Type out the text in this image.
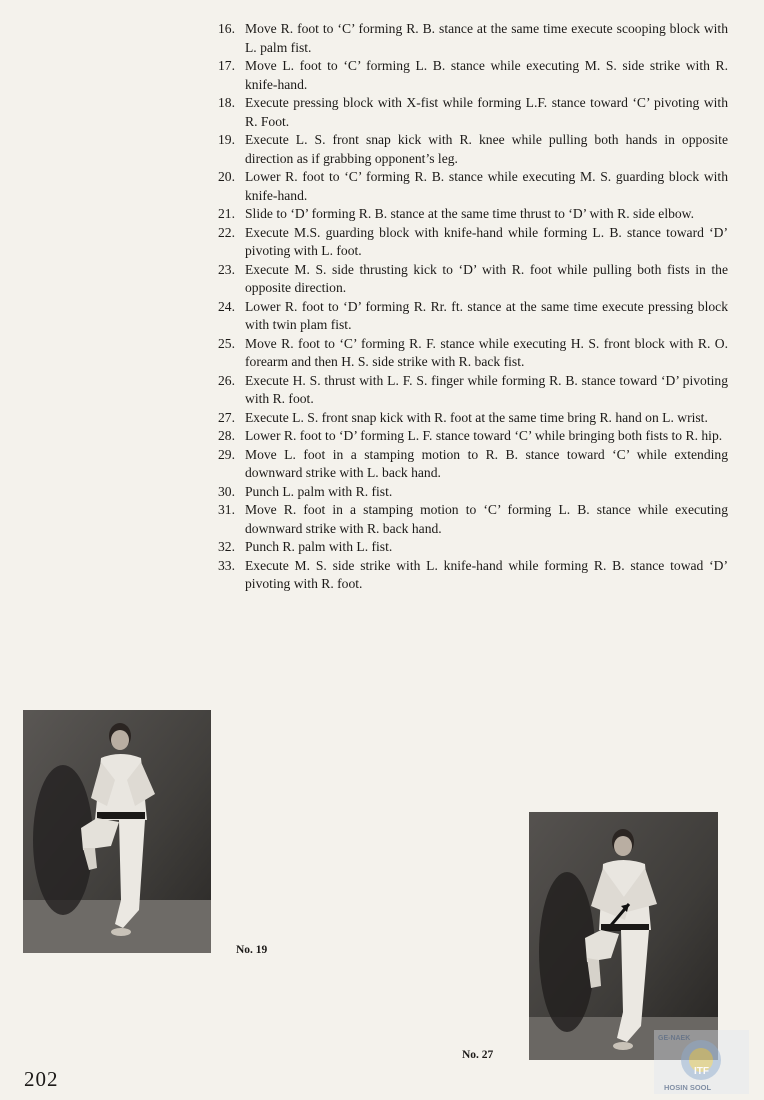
16. Move R. foot to ‘C’ forming R. B. stance at the same time execute scooping block with L. palm fist.
17. Move L. foot to ‘C’ forming L. B. stance while executing M. S. side strike with R. knife-hand.
18. Execute pressing block with X-fist while forming L.F. stance toward ‘C’ pivoting with R. Foot.
19. Execute L. S. front snap kick with R. knee while pulling both hands in opposite direction as if grabbing opponent’s leg.
20. Lower R. foot to ‘C’ forming R. B. stance while executing M. S. guarding block with knife-hand.
21. Slide to ‘D’ forming R. B. stance at the same time thrust to ‘D’ with R. side elbow.
22. Execute M.S. guarding block with knife-hand while forming L. B. stance toward ‘D’ pivoting with L. foot.
23. Execute M. S. side thrusting kick to ‘D’ with R. foot while pulling both fists in the opposite direction.
24. Lower R. foot to ‘D’ forming R. Rr. ft. stance at the same time execute pressing block with twin plam fist.
25. Move R. foot to ‘C’ forming R. F. stance while executing H. S. front block with R. O. forearm and then H. S. side strike with R. back fist.
26. Execute H. S. thrust with L. F. S. finger while forming R. B. stance toward ‘D’ pivoting with R. foot.
27. Execute L. S. front snap kick with R. foot at the same time bring R. hand on L. wrist.
28. Lower R. foot to ‘D’ forming L. F. stance toward ‘C’ while bringing both fists to R. hip.
29. Move L. foot in a stamping motion to R. B. stance toward ‘C’ while extending downward strike with L. back hand.
30. Punch L. palm with R. fist.
31. Move R. foot in a stamping motion to ‘C’ forming L. B. stance while executing downward strike with R. back hand.
32. Punch R. palm with L. fist.
33. Execute M. S. side strike with L. knife-hand while forming R. B. stance towad ‘D’ pivoting with R. foot.
No. 19
No. 27
202
GE-NAEK
ITF
HOSIN SOOL
